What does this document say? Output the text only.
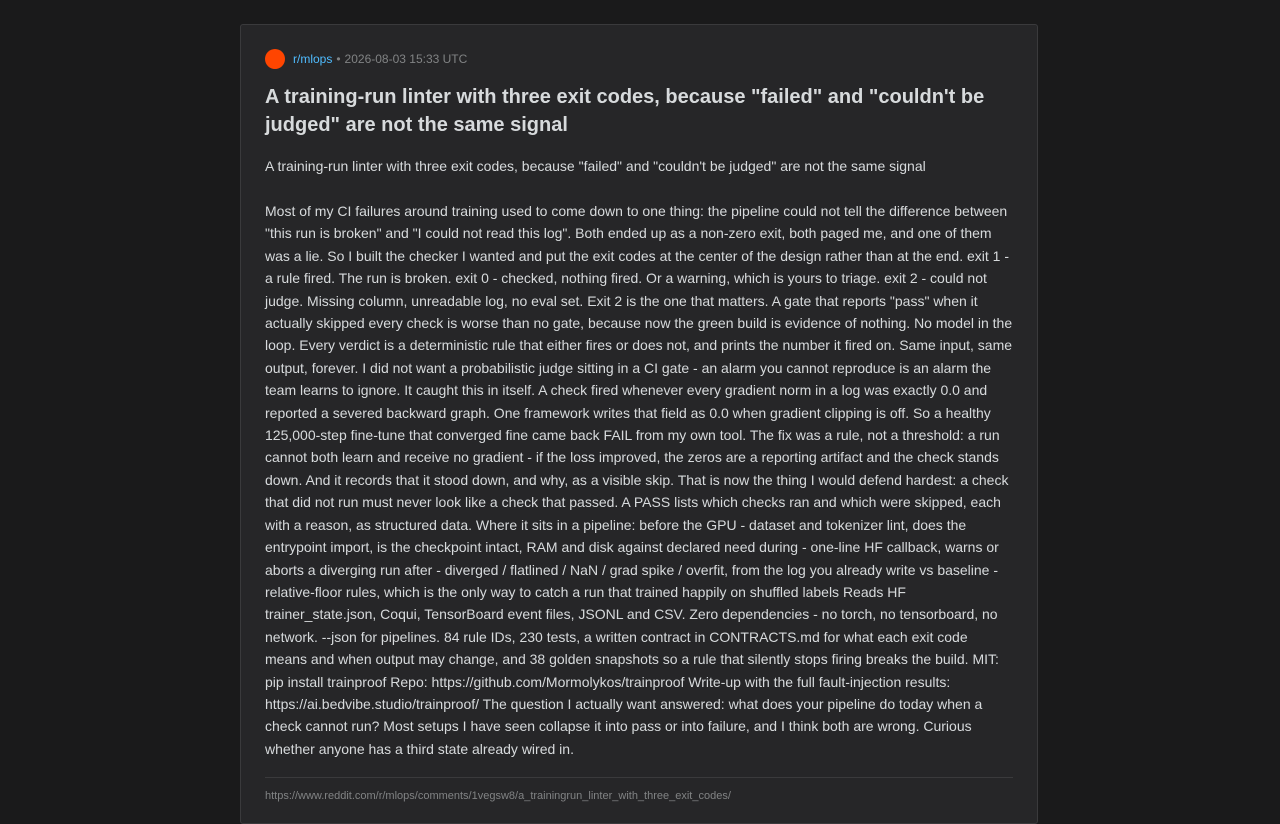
r/mlops • 2026-08-03 15:33 UTC
A training-run linter with three exit codes, because "failed" and "couldn't be judged" are not the same signal

A training-run linter with three exit codes, because "failed" and "couldn't be judged" are not the same signal

Most of my CI failures around training used to come down to one thing: the pipeline could not tell the difference between "this run is broken" and "I could not read this log". Both ended up as a non-zero exit, both paged me, and one of them was a lie. So I built the checker I wanted and put the exit codes at the center of the design rather than at the end. exit 1 - a rule fired. The run is broken. exit 0 - checked, nothing fired. Or a warning, which is yours to triage. exit 2 - could not judge. Missing column, unreadable log, no eval set. Exit 2 is the one that matters. A gate that reports "pass" when it actually skipped every check is worse than no gate, because now the green build is evidence of nothing. No model in the loop. Every verdict is a deterministic rule that either fires or does not, and prints the number it fired on. Same input, same output, forever. I did not want a probabilistic judge sitting in a CI gate - an alarm you cannot reproduce is an alarm the team learns to ignore. It caught this in itself. A check fired whenever every gradient norm in a log was exactly 0.0 and reported a severed backward graph. One framework writes that field as 0.0 when gradient clipping is off. So a healthy 125,000-step fine-tune that converged fine came back FAIL from my own tool. The fix was a rule, not a threshold: a run cannot both learn and receive no gradient - if the loss improved, the zeros are a reporting artifact and the check stands down. And it records that it stood down, and why, as a visible skip. That is now the thing I would defend hardest: a check that did not run must never look like a check that passed. A PASS lists which checks ran and which were skipped, each with a reason, as structured data. Where it sits in a pipeline: before the GPU - dataset and tokenizer lint, does the entrypoint import, is the checkpoint intact, RAM and disk against declared need during - one-line HF callback, warns or aborts a diverging run after - diverged / flatlined / NaN / grad spike / overfit, from the log you already write vs baseline - relative-floor rules, which is the only way to catch a run that trained happily on shuffled labels Reads HF trainer_state.json, Coqui, TensorBoard event files, JSONL and CSV. Zero dependencies - no torch, no tensorboard, no network. --json for pipelines. 84 rule IDs, 230 tests, a written contract in CONTRACTS.md for what each exit code means and when output may change, and 38 golden snapshots so a rule that silently stops firing breaks the build. MIT: pip install trainproof Repo: https://github.com/Mormolykos/trainproof Write-up with the full fault-injection results: https://ai.bedvibe.studio/trainproof/ The question I actually want answered: what does your pipeline do today when a check cannot run? Most setups I have seen collapse it into pass or into failure, and I think both are wrong. Curious whether anyone has a third state already wired in.

https://www.reddit.com/r/mlops/comments/1vegsw8/a_trainingrun_linter_with_three_exit_codes/
